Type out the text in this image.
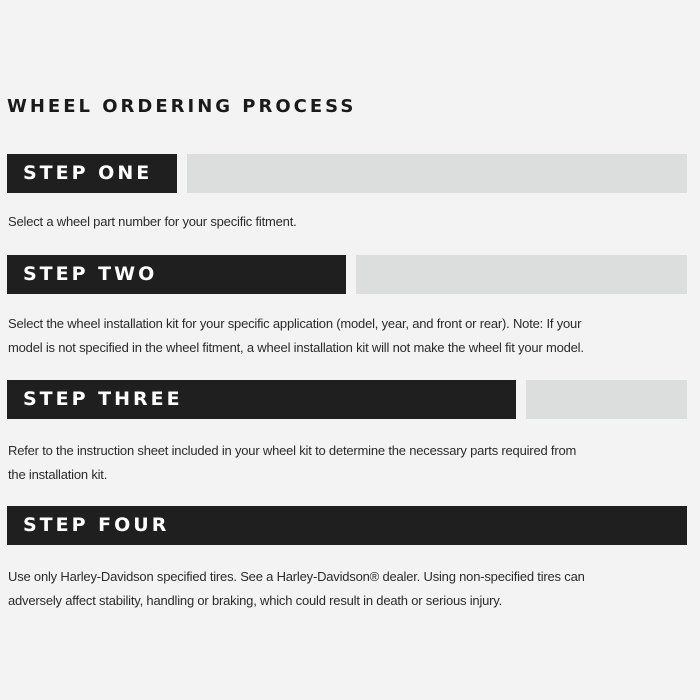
WHEEL ORDERING PROCESS
STEP ONE

Select a wheel part number for your specific fitment.

STEP TWO

Select the wheel installation kit for your specific application (model, year, and front or rear). Note: If your

model is not specified in the wheel fitment, a wheel installation kit will not make the wheel fit your model.

STEP THREE

Refer to the instruction sheet included in your wheel kit to determine the necessary parts required from

the installation kit.

STEP FOUR

Use only Harley-Davidson specified tires. See a Harley-Davidson® dealer. Using non-specified tires can

adversely affect stability, handling or braking, which could result in death or serious injury.
